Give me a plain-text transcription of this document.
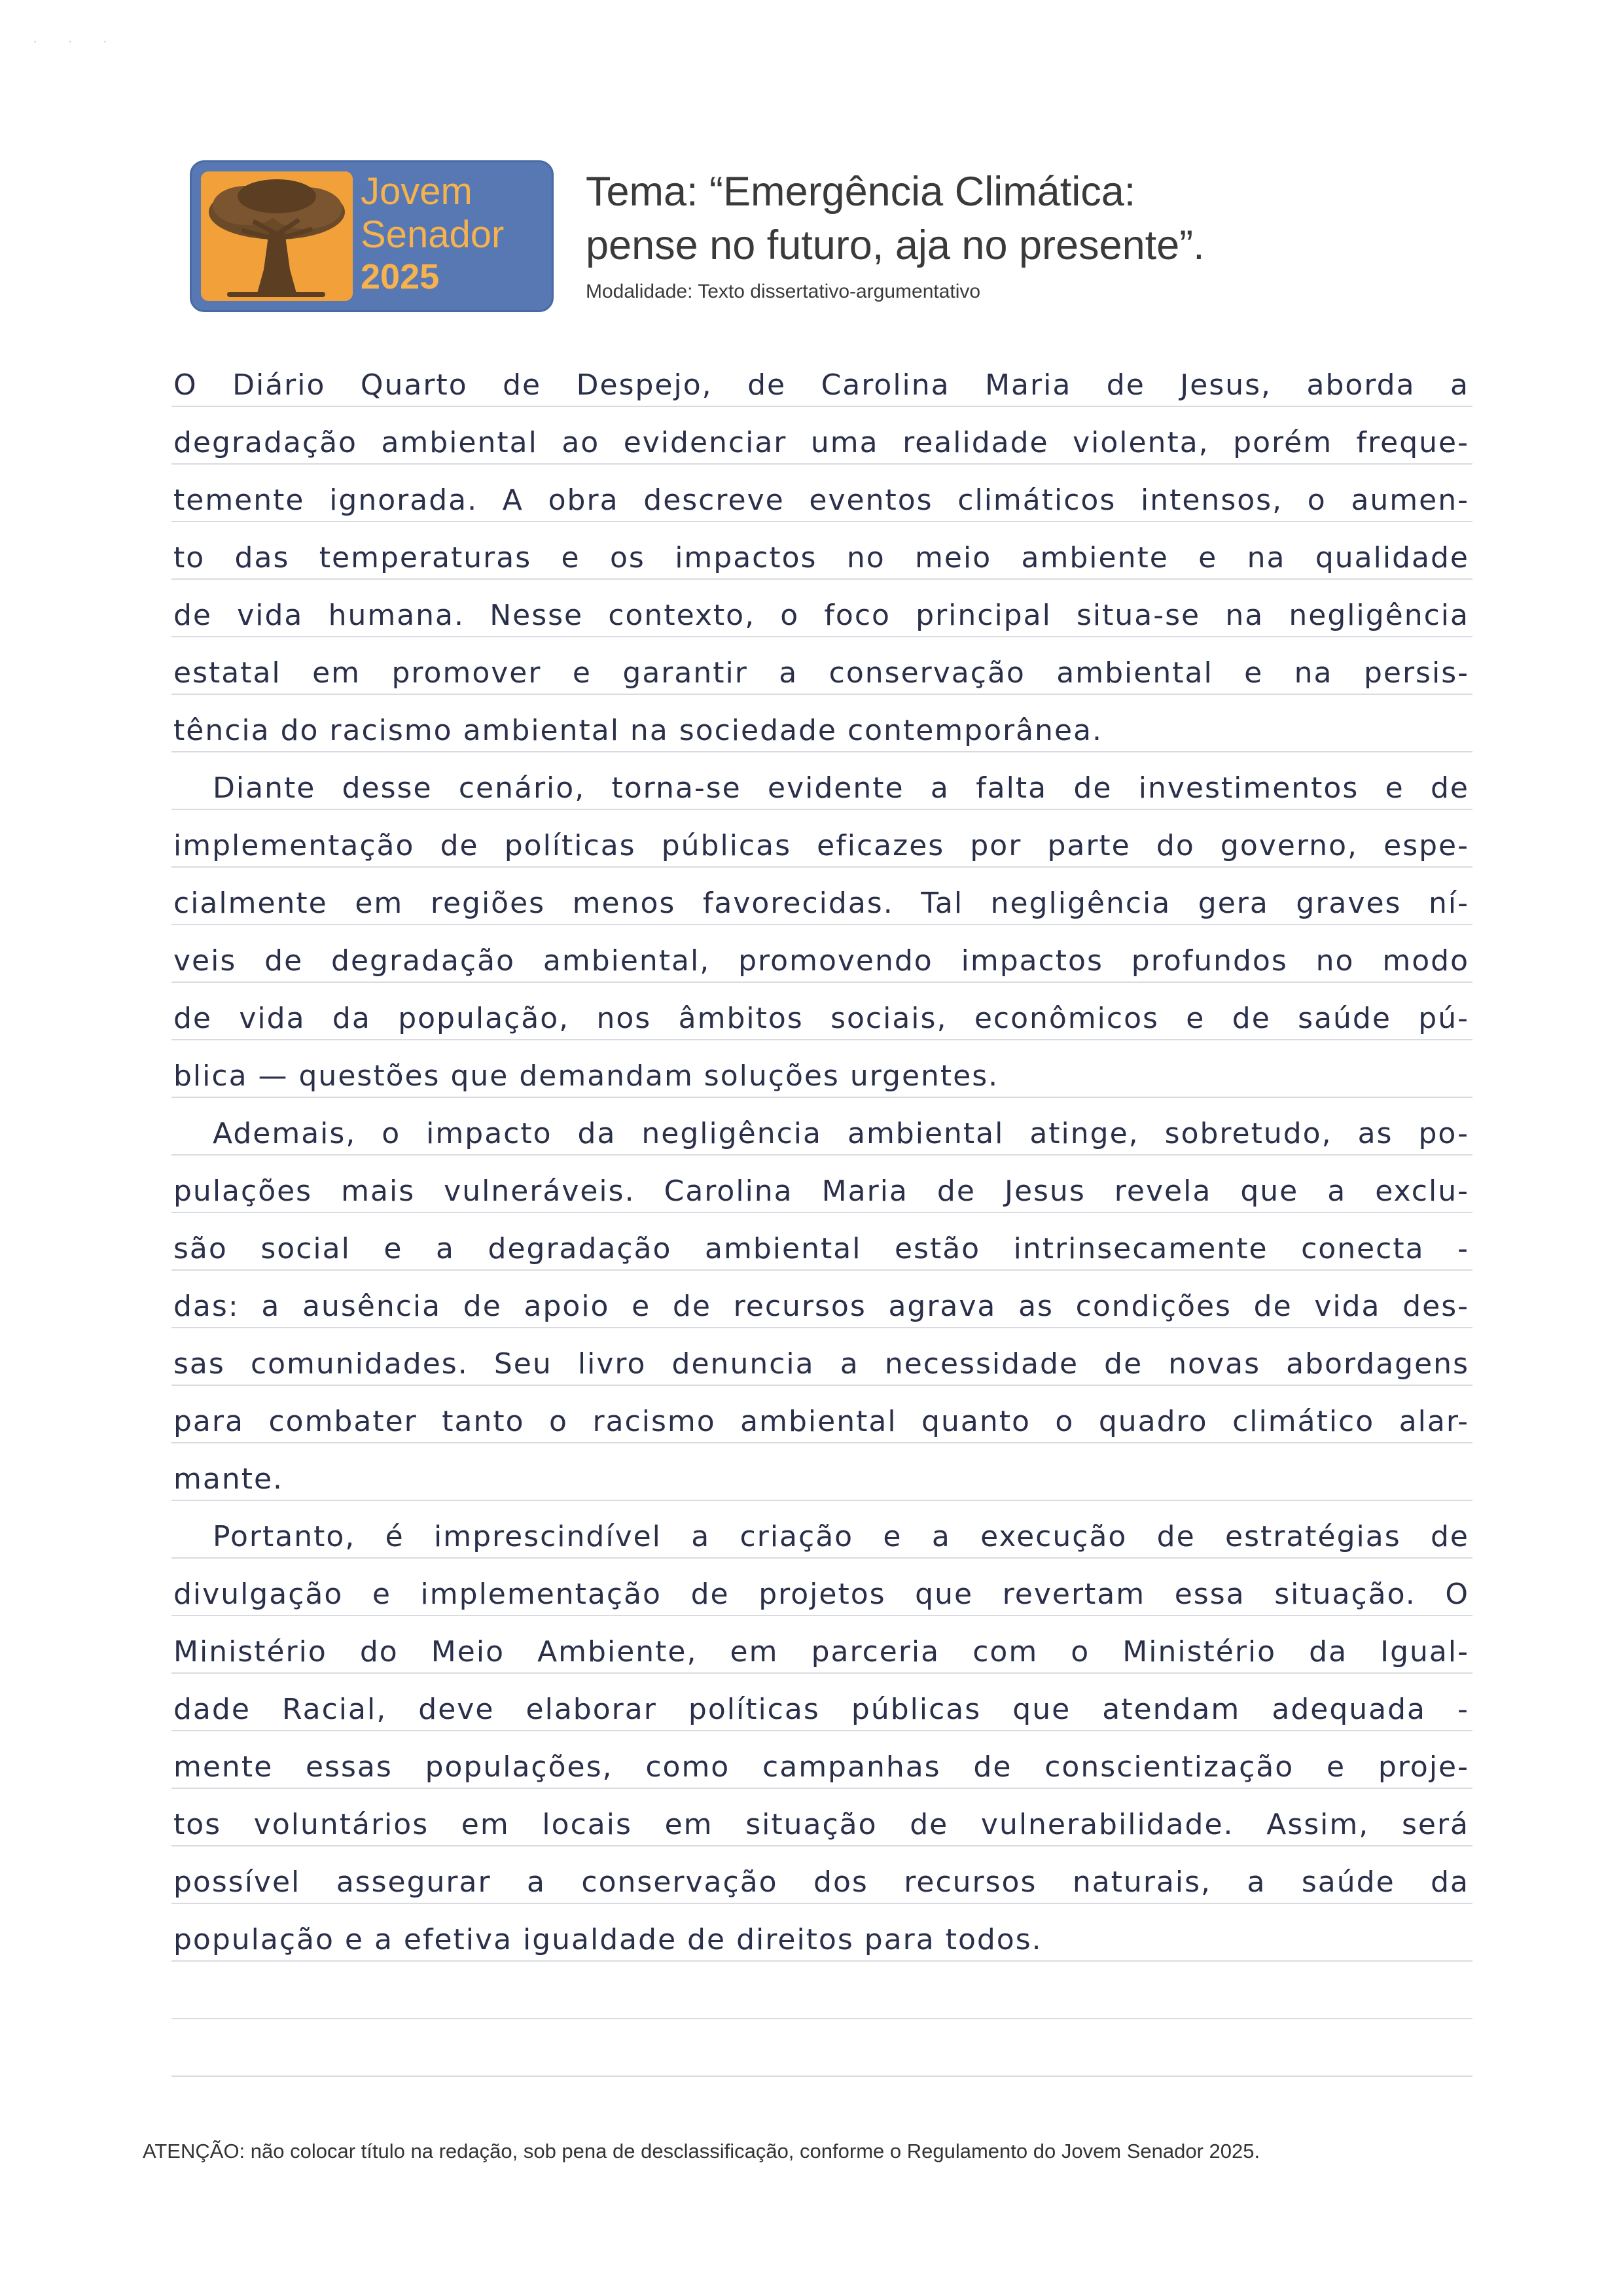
· · ·
Jovem
Senador
2025
Tema: “Emergência Climática:
pense no futuro, aja no presente”.
Modalidade: Texto dissertativo-argumentativo
O Diário Quarto de Despejo, de Carolina Maria de Jesus, aborda a
degradação ambiental ao evidenciar uma realidade violenta, porém freque-
temente ignorada. A obra descreve eventos climáticos intensos, o aumen-
to das temperaturas e os impactos no meio ambiente e na qualidade
de vida humana. Nesse contexto, o foco principal situa-se na negligência
estatal em promover e garantir a conservação ambiental e na persis-
tência do racismo ambiental na sociedade contemporânea.
Diante desse cenário, torna-se evidente a falta de investimentos e de
implementação de políticas públicas eficazes por parte do governo, espe-
cialmente em regiões menos favorecidas. Tal negligência gera graves ní-
veis de degradação ambiental, promovendo impactos profundos no modo
de vida da população, nos âmbitos sociais, econômicos e de saúde pú-
blica — questões que demandam soluções urgentes.
Ademais, o impacto da negligência ambiental atinge, sobretudo, as po-
pulações mais vulneráveis. Carolina Maria de Jesus revela que a exclu-
são social e a degradação ambiental estão intrinsecamente conecta -
das: a ausência de apoio e de recursos agrava as condições de vida des-
sas comunidades. Seu livro denuncia a necessidade de novas abordagens
para combater tanto o racismo ambiental quanto o quadro climático alar-
mante.
Portanto, é imprescindível a criação e a execução de estratégias de
divulgação e implementação de projetos que revertam essa situação. O
Ministério do Meio Ambiente, em parceria com o Ministério da Igual-
dade Racial, deve elaborar políticas públicas que atendam adequada -
mente essas populações, como campanhas de conscientização e proje-
tos voluntários em locais em situação de vulnerabilidade. Assim, será
possível assegurar a conservação dos recursos naturais, a saúde da
população e a efetiva igualdade de direitos para todos.
ATENÇÃO: não colocar título na redação, sob pena de desclassificação, conforme o Regulamento do Jovem Senador 2025.
